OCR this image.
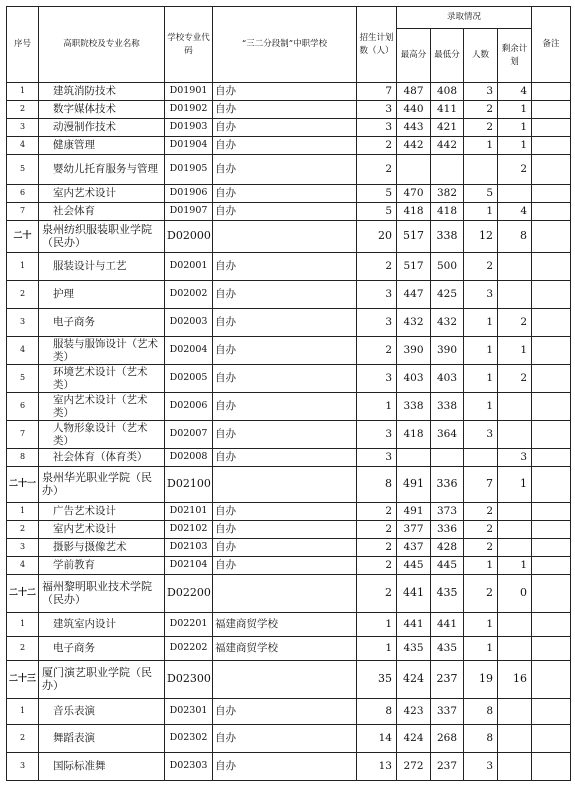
序号	高职院校及专业名称	学校专业代码	“三二分段制”中职学校	招生计划数（人）	录取情况				备注
					最高分	最低分	人数	剩余计划	
1	建筑消防技术	D01901	自办	7	487	408	3	4	
2	数字媒体技术	D01902	自办	3	440	411	2	1	
3	动漫制作技术	D01903	自办	3	443	421	2	1	
4	健康管理	D01904	自办	2	442	442	1	1	
5	婴幼儿托育服务与管理	D01905	自办	2				2	
6	室内艺术设计	D01906	自办	5	470	382	5		
7	社会体育	D01907	自办	5	418	418	1	4	
二十	泉州纺织服装职业学院（民办）	D02000		20	517	338	12	8	
1	服装设计与工艺	D02001	自办	2	517	500	2		
2	护理	D02002	自办	3	447	425	3		
3	电子商务	D02003	自办	3	432	432	1	2	
4	服装与服饰设计（艺术类）	D02004	自办	2	390	390	1	1	
5	环境艺术设计（艺术类）	D02005	自办	3	403	403	1	2	
6	室内艺术设计（艺术类）	D02006	自办	1	338	338	1		
7	人物形象设计（艺术类）	D02007	自办	3	418	364	3		
8	社会体育（体育类）	D02008	自办	3				3	
二十一	泉州华光职业学院（民办）	D02100		8	491	336	7	1	
1	广告艺术设计	D02101	自办	2	491	373	2		
2	室内艺术设计	D02102	自办	2	377	336	2		
3	摄影与摄像艺术	D02103	自办	2	437	428	2		
4	学前教育	D02104	自办	2	445	445	1	1	
二十二	福州黎明职业技术学院（民办）	D02200		2	441	435	2	0	
1	建筑室内设计	D02201	福建商贸学校	1	441	441	1		
2	电子商务	D02202	福建商贸学校	1	435	435	1		
二十三	厦门演艺职业学院（民办）	D02300		35	424	237	19	16	
1	音乐表演	D02301	自办	8	423	337	8		
2	舞蹈表演	D02302	自办	14	424	268	8		
3	国际标准舞	D02303	自办	13	272	237	3		
